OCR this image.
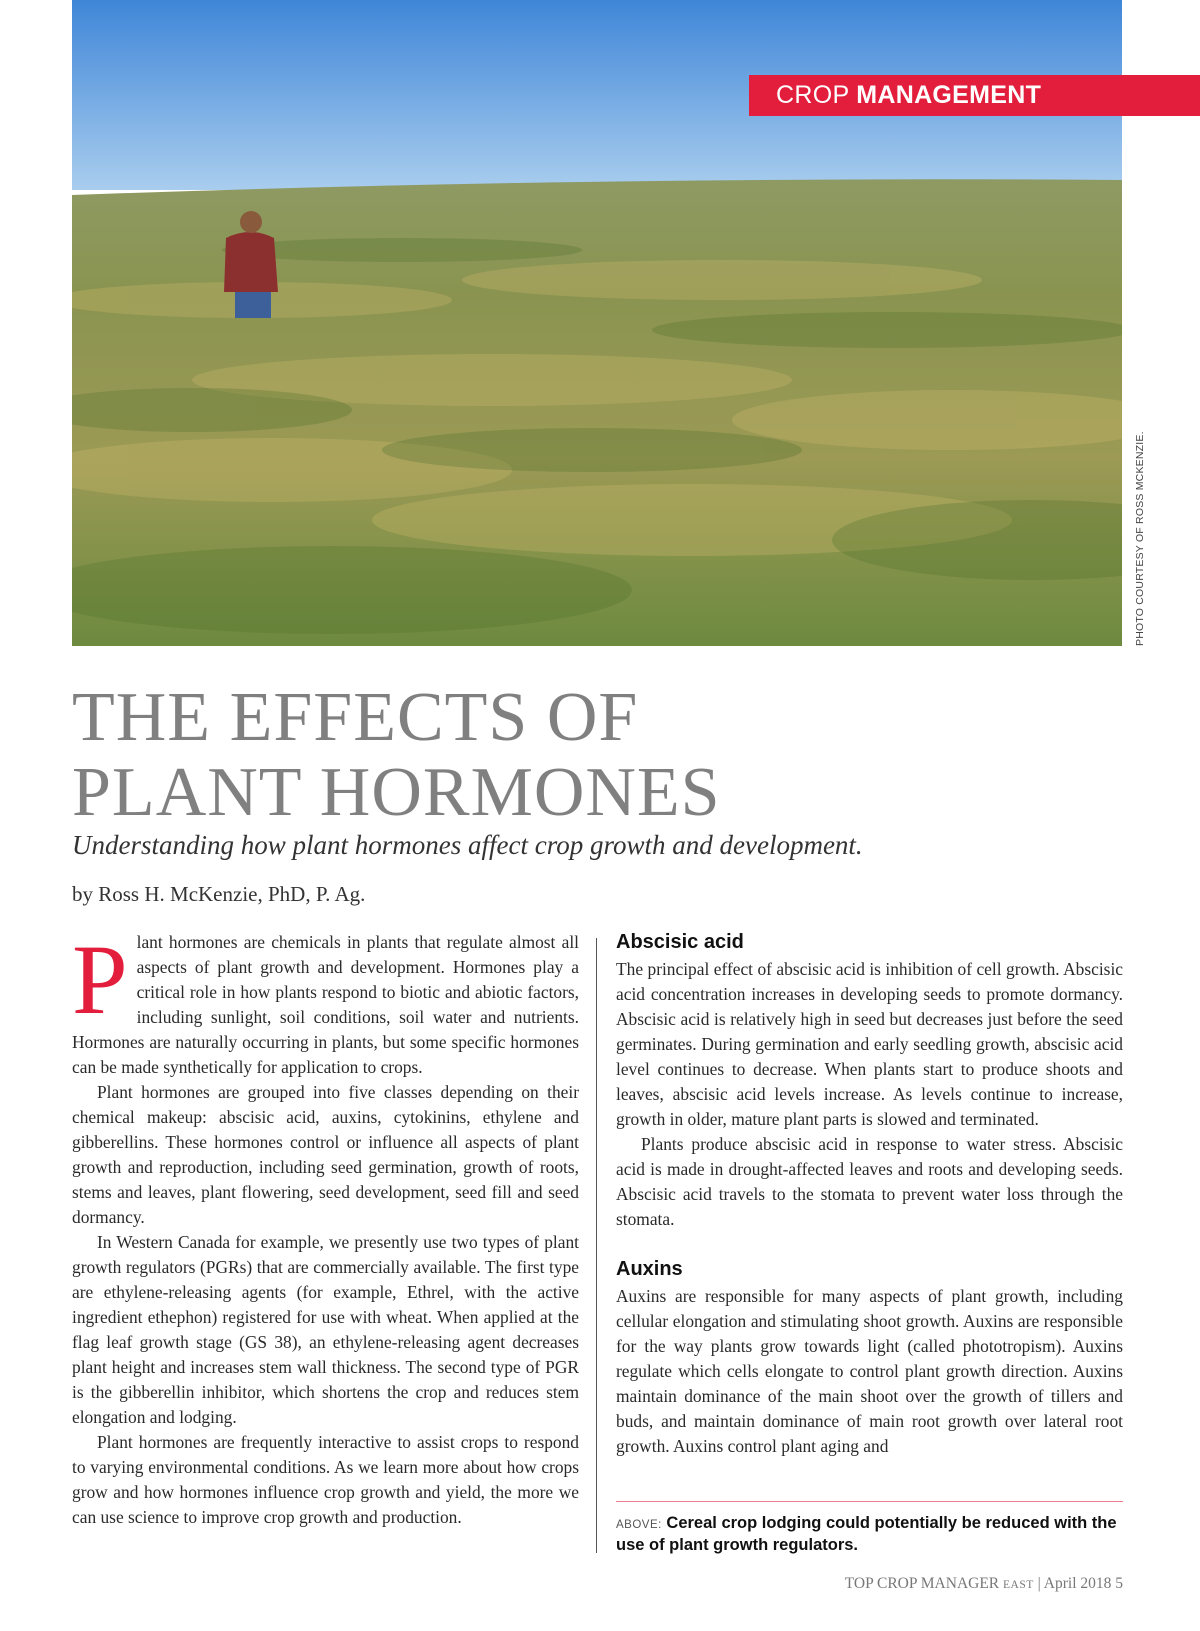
CROP MANAGEMENT
PHOTO COURTESY OF ROSS MCKENZIE.
THE EFFECTS OF
PLANT HORMONES
Understanding how plant hormones affect crop growth and development.
by Ross H. McKenzie, PhD, P. Ag.

Plant hormones are chemicals in plants that regulate almost all aspects of plant growth and development. Hormones play a critical role in how plants respond to biotic and abiotic factors, including sunlight, soil conditions, soil water and nutrients. Hormones are naturally occurring in plants, but some specific hormones can be made synthetically for application to crops.

Plant hormones are grouped into five classes depending on their chemical makeup: abscisic acid, auxins, cytokinins, ethylene and gibberellins. These hormones control or influence all aspects of plant growth and reproduction, including seed germination, growth of roots, stems and leaves, plant flowering, seed development, seed fill and seed dormancy.

In Western Canada for example, we presently use two types of plant growth regulators (PGRs) that are commercially available. The first type are ethylene-releasing agents (for example, Ethrel, with the active ingredient ethephon) registered for use with wheat. When applied at the flag leaf growth stage (GS 38), an ethylene-releasing agent decreases plant height and increases stem wall thickness. The second type of PGR is the gibberellin inhibitor, which shortens the crop and reduces stem elongation and lodging.

Plant hormones are frequently interactive to assist crops to respond to varying environmental conditions. As we learn more about how crops grow and how hormones influence crop growth and yield, the more we can use science to improve crop growth and production.

Abscisic acid

The principal effect of abscisic acid is inhibition of cell growth. Abscisic acid concentration increases in developing seeds to promote dormancy. Abscisic acid is relatively high in seed but decreases just before the seed germinates. During germination and early seedling growth, abscisic acid level continues to decrease. When plants start to produce shoots and leaves, abscisic acid levels increase. As levels continue to increase, growth in older, mature plant parts is slowed and terminated.

Plants produce abscisic acid in response to water stress. Abscisic acid is made in drought-affected leaves and roots and developing seeds. Abscisic acid travels to the stomata to prevent water loss through the stomata.

Auxins

Auxins are responsible for many aspects of plant growth, including cellular elongation and stimulating shoot growth. Auxins are responsible for the way plants grow towards light (called phototropism). Auxins regulate which cells elongate to control plant growth direction. Auxins maintain dominance of the main shoot over the growth of tillers and buds, and maintain dominance of main root growth over lateral root growth. Auxins control plant aging and

ABOVE: Cereal crop lodging could potentially be reduced with the use of plant growth regulators.
TOP CROP MANAGER EAST | April 2018 5
